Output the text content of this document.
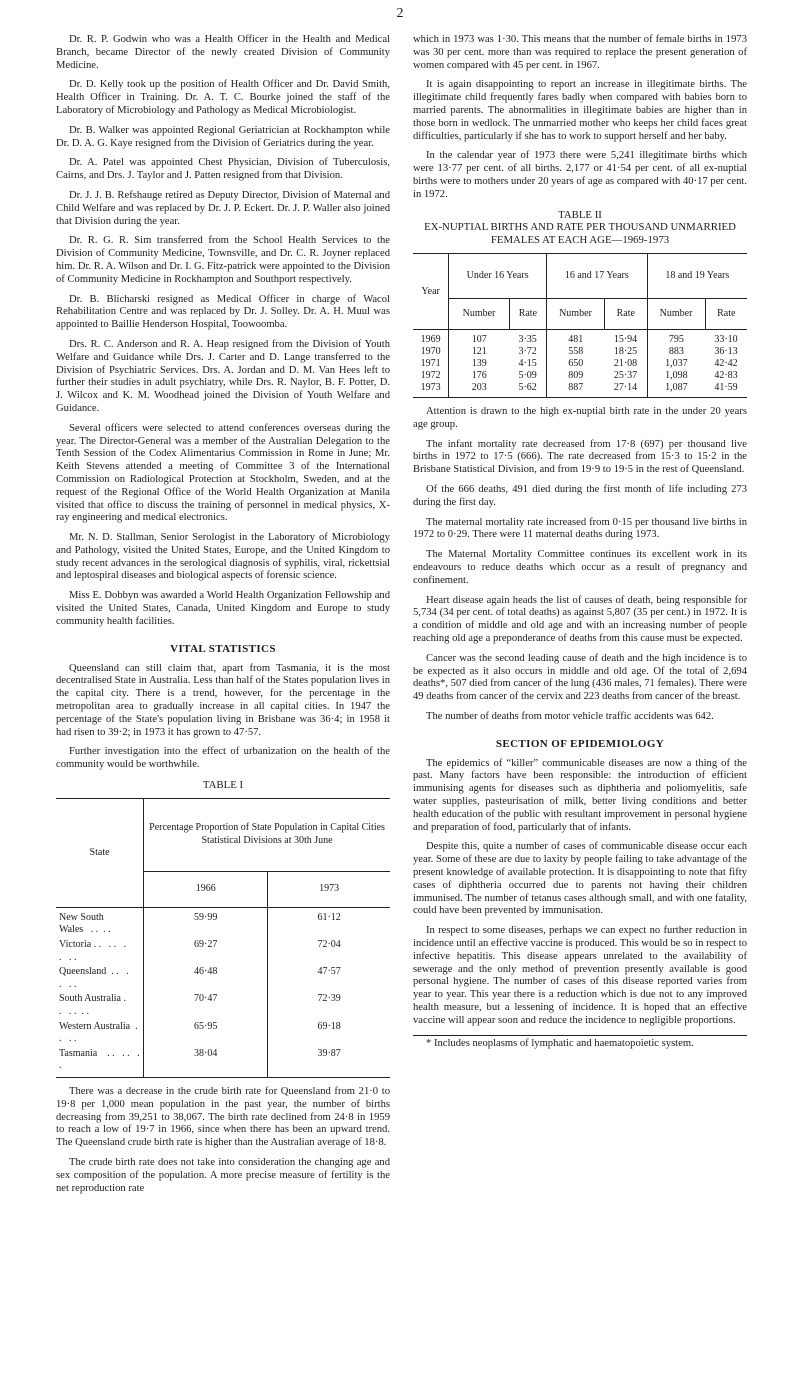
2

Dr. R. P. Godwin who was a Health Officer in the Health and Medical Branch, became Director of the newly created Division of Community Medicine.

Dr. D. Kelly took up the position of Health Officer and Dr. David Smith, Health Officer in Training. Dr. A. T. C. Bourke joined the staff of the Laboratory of Microbiology and Pathology as Medical Microbiologist.

Dr. B. Walker was appointed Regional Geriatrician at Rockhampton while Dr. D. A. G. Kaye resigned from the Division of Geriatrics during the year.

Dr. A. Patel was appointed Chest Physician, Division of Tuberculosis, Cairns, and Drs. J. Taylor and J. Patten resigned from that Division.

Dr. J. J. B. Refshauge retired as Deputy Director, Division of Maternal and Child Welfare and was replaced by Dr. J. P. Eckert. Dr. J. P. Waller also joined that Division during the year.

Dr. R. G. R. Sim transferred from the School Health Services to the Division of Community Medicine, Townsville, and Dr. C. R. Joyner replaced him. Dr. R. A. Wilson and Dr. I. G. Fitz-patrick were appointed to the Division of Community Medicine in Rockhampton and Southport respectively.

Dr. B. Blicharski resigned as Medical Officer in charge of Wacol Rehabilitation Centre and was replaced by Dr. J. Solley. Dr. A. H. Muul was appointed to Baillie Henderson Hospital, Toowoomba.

Drs. R. C. Anderson and R. A. Heap resigned from the Division of Youth Welfare and Guidance while Drs. J. Carter and D. Lange transferred to the Division of Psychiatric Services. Drs. A. Jordan and D. M. Van Hees left to further their studies in adult psychiatry, while Drs. R. Naylor, B. F. Potter, D. J. Wilcox and K. M. Woodhead joined the Division of Youth Welfare and Guidance.

Several officers were selected to attend conferences overseas during the year. The Director-General was a member of the Australian Delegation to the Tenth Session of the Codex Alimentarius Commission in Rome in June; Mr. Keith Stevens attended a meeting of Committee 3 of the International Commission on Radiological Protection at Stockholm, Sweden, and at the request of the Regional Office of the World Health Organization at Manila visited that office to discuss the training of personnel in medical physics, X-ray engineering and medical electronics.

Mr. N. D. Stallman, Senior Serologist in the Laboratory of Microbiology and Pathology, visited the United States, Europe, and the United Kingdom to study recent advances in the serological diagnosis of syphilis, viral, rickettsial and leptospiral diseases and biological aspects of forensic science.

Miss E. Dobbyn was awarded a World Health Organization Fellowship and visited the United States, Canada, United Kingdom and Europe to study community health facilities.

VITAL STATISTICS

Queensland can still claim that, apart from Tasmania, it is the most decentralised State in Australia. Less than half of the States population lives in the capital city. There is a trend, however, for the percentage in the metropolitan area to gradually increase in all capital cities. In 1947 the percentage of the State's population living in Brisbane was 36·4; in 1958 it had risen to 39·2; in 1973 it has grown to 47·57.

Further investigation into the effect of urbanization on the health of the community would be worthwhile.

TABLE I
State	Percentage Proportion of State Population in Capital Cities Statistical Divisions at 30th June	
	1966	1973
New South Wales   . .  . .	59·99	61·12
Victoria . .   . .   . .   . .	69·27	72·04
Queensland  . .   . .   . .	46·48	47·57
South Australia . .   . .  . .	70·47	72·39
Western Australia  . .   . .	65·95	69·18
Tasmania    . .   . .   . .	38·04	39·87

There was a decrease in the crude birth rate for Queensland from 21·0 to 19·8 per 1,000 mean population in the past year, the number of births decreasing from 39,251 to 38,067. The birth rate declined from 24·8 in 1959 to reach a low of 19·7 in 1966, since when there has been an upward trend. The Queensland crude birth rate is higher than the Australian average of 18·8.

The crude birth rate does not take into consideration the changing age and sex composition of the population. A more precise measure of fertility is the net reproduction rate

which in 1973 was 1·30. This means that the number of female births in 1973 was 30 per cent. more than was required to replace the present generation of women compared with 45 per cent. in 1967.

It is again disappointing to report an increase in illegitimate births. The illegitimate child frequently fares badly when compared with babies born to married parents. The abnormalities in illegitimate babies are higher than in those born in wedlock. The unmarried mother who keeps her child faces great difficulties, particularly if she has to work to support herself and her baby.

In the calendar year of 1973 there were 5,241 illegitimate births which were 13·77 per cent. of all births. 2,177 or 41·54 per cent. of all ex-nuptial births were to mothers under 20 years of age as compared with 40·17 per cent. in 1972.

TABLE II
EX-NUPTIAL BIRTHS AND RATE PER THOUSAND UNMARRIED FEMALES AT EACH AGE—1969-1973
Year	Under 16 Years		16 and 17 Years		18 and 19 Years	
	Number	Rate	Number	Rate	Number	Rate
1969	107	3·35	481	15·94	795	33·10
1970	121	3·72	558	18·25	883	36·13
1971	139	4·15	650	21·08	1,037	42·42
1972	176	5·09	809	25·37	1,098	42·83
1973	203	5·62	887	27·14	1,087	41·59

Attention is drawn to the high ex-nuptial birth rate in the under 20 years age group.

The infant mortality rate decreased from 17·8 (697) per thousand live births in 1972 to 17·5 (666). The rate decreased from 15·3 to 15·2 in the Brisbane Statistical Division, and from 19·9 to 19·5 in the rest of Queensland.

Of the 666 deaths, 491 died during the first month of life including 273 during the first day.

The maternal mortality rate increased from 0·15 per thousand live births in 1972 to 0·29. There were 11 maternal deaths during 1973.

The Maternal Mortality Committee continues its excellent work in its endeavours to reduce deaths which occur as a result of pregnancy and confinement.

Heart disease again heads the list of causes of death, being responsible for 5,734 (34 per cent. of total deaths) as against 5,807 (35 per cent.) in 1972. It is a condition of middle and old age and with an increasing number of people reaching old age a preponderance of deaths from this cause must be expected.

Cancer was the second leading cause of death and the high incidence is to be expected as it also occurs in middle and old age. Of the total of 2,694 deaths*, 507 died from cancer of the lung (436 males, 71 females). There were 49 deaths from cancer of the cervix and 223 deaths from cancer of the breast.

The number of deaths from motor vehicle traffic accidents was 642.

SECTION OF EPIDEMIOLOGY

The epidemics of “killer” communicable diseases are now a thing of the past. Many factors have been responsible: the introduction of efficient immunising agents for diseases such as diphtheria and poliomyelitis, safe water supplies, pasteurisation of milk, better living conditions and better health education of the public with resultant improvement in personal hygiene and preparation of food, particularly that of infants.

Despite this, quite a number of cases of communicable disease occur each year. Some of these are due to laxity by people failing to take advantage of the present knowledge of available protection. It is disappointing to note that fifty cases of diphtheria occurred due to parents not having their children immunised. The number of tetanus cases although small, and with one fatality, could have been prevented by immunisation.

In respect to some diseases, perhaps we can expect no further reduction in incidence until an effective vaccine is produced. This would be so in respect to infective hepatitis. This disease appears unrelated to the availability of sewerage and the only method of prevention presently available is good personal hygiene. The number of cases of this disease reported varies from year to year. This year there is a reduction which is due not to any improved health measure, but a lessening of incidence. It is hoped that an effective vaccine will appear soon and reduce the incidence to negligible proportions.

* Includes neoplasms of lymphatic and haematopoietic system.
